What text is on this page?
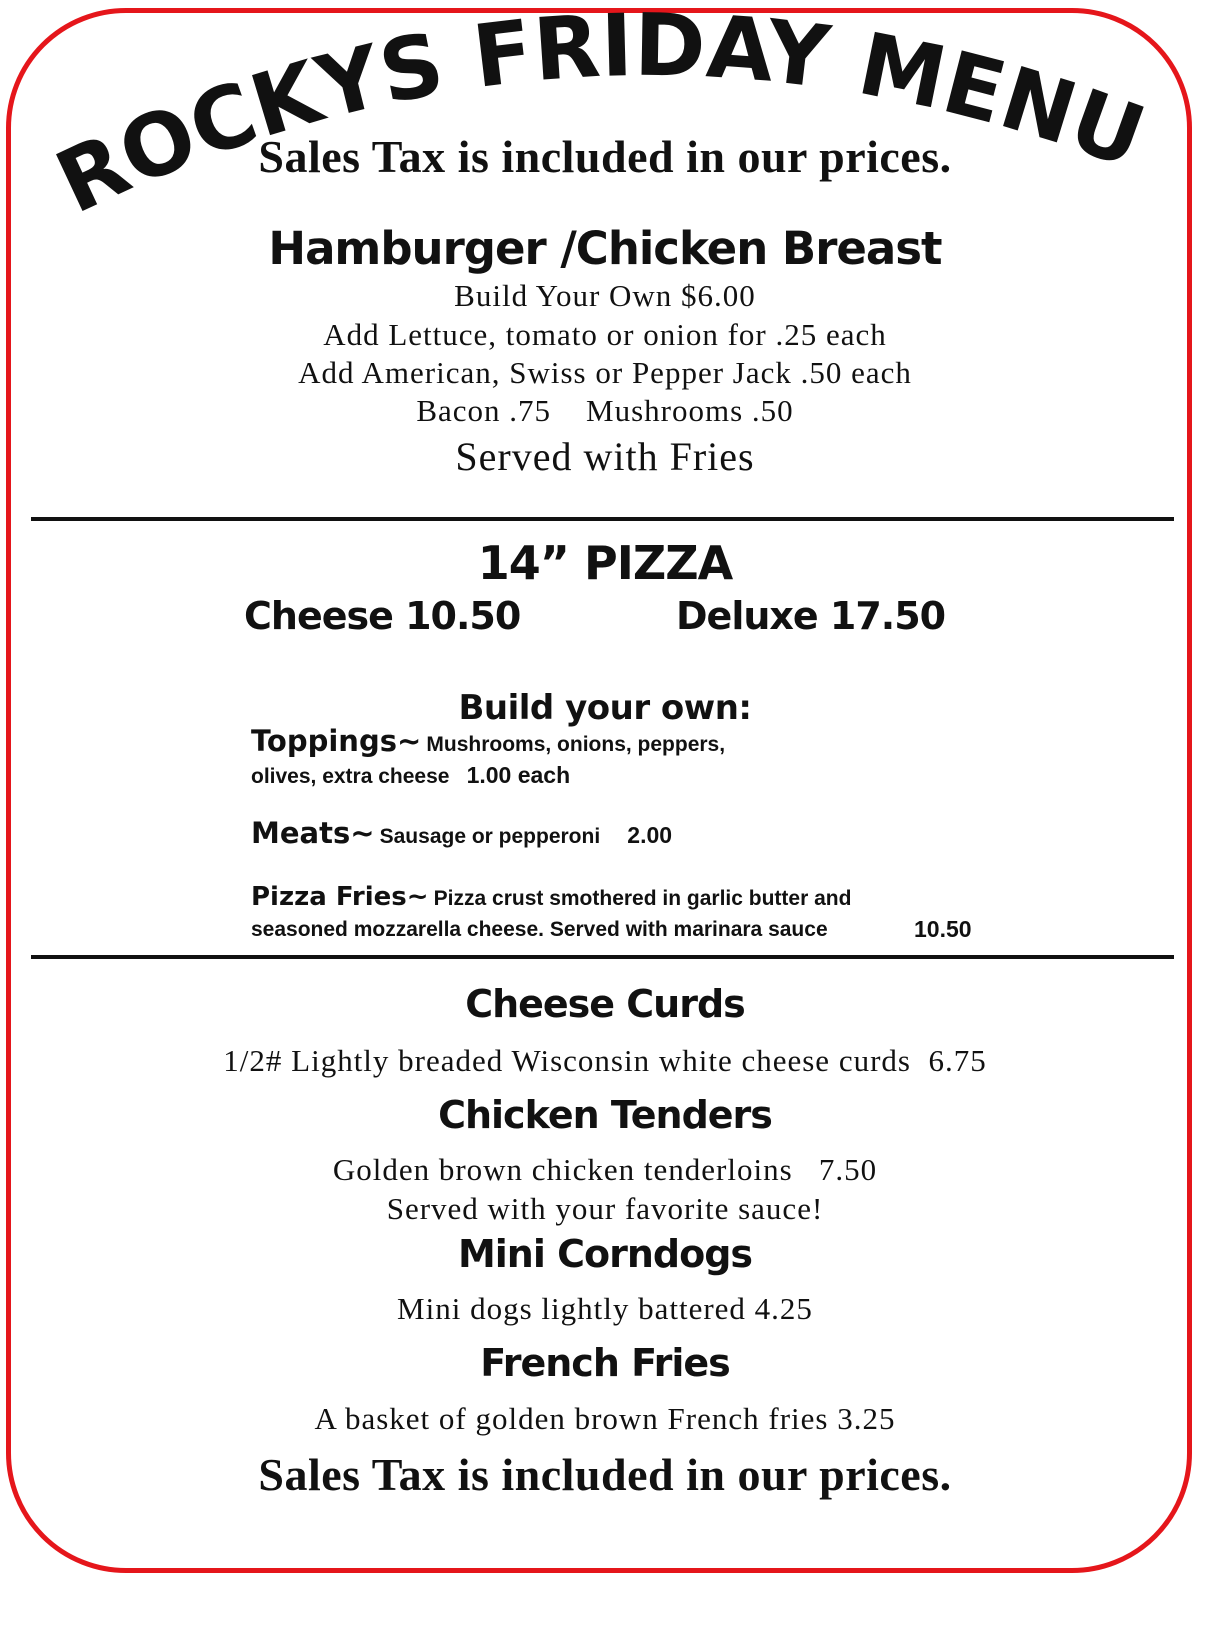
ROCKYS FRIDAY MENU
Sales Tax is included in our prices.
Hamburger /Chicken Breast
Build Your Own $6.00
Add Lettuce, tomato or onion for .25 each
Add American, Swiss or Pepper Jack .50 each
Bacon .75    Mushrooms .50
Served with Fries
14” PIZZA
Cheese 10.50	Deluxe 17.50
Build your own:
Toppings~ Mushrooms, onions, peppers,
olives, extra cheese 1.00 each
Meats~ Sausage or pepperoni 2.00
Pizza Fries~ Pizza crust smothered in garlic butter and
seasoned mozzarella cheese. Served with marinara sauce	10.50
Cheese Curds
1/2# Lightly breaded Wisconsin white cheese curds  6.75
Chicken Tenders
Golden brown chicken tenderloins   7.50
Served with your favorite sauce!
Mini Corndogs
Mini dogs lightly battered 4.25
French Fries
A basket of golden brown French fries 3.25
Sales Tax is included in our prices.
